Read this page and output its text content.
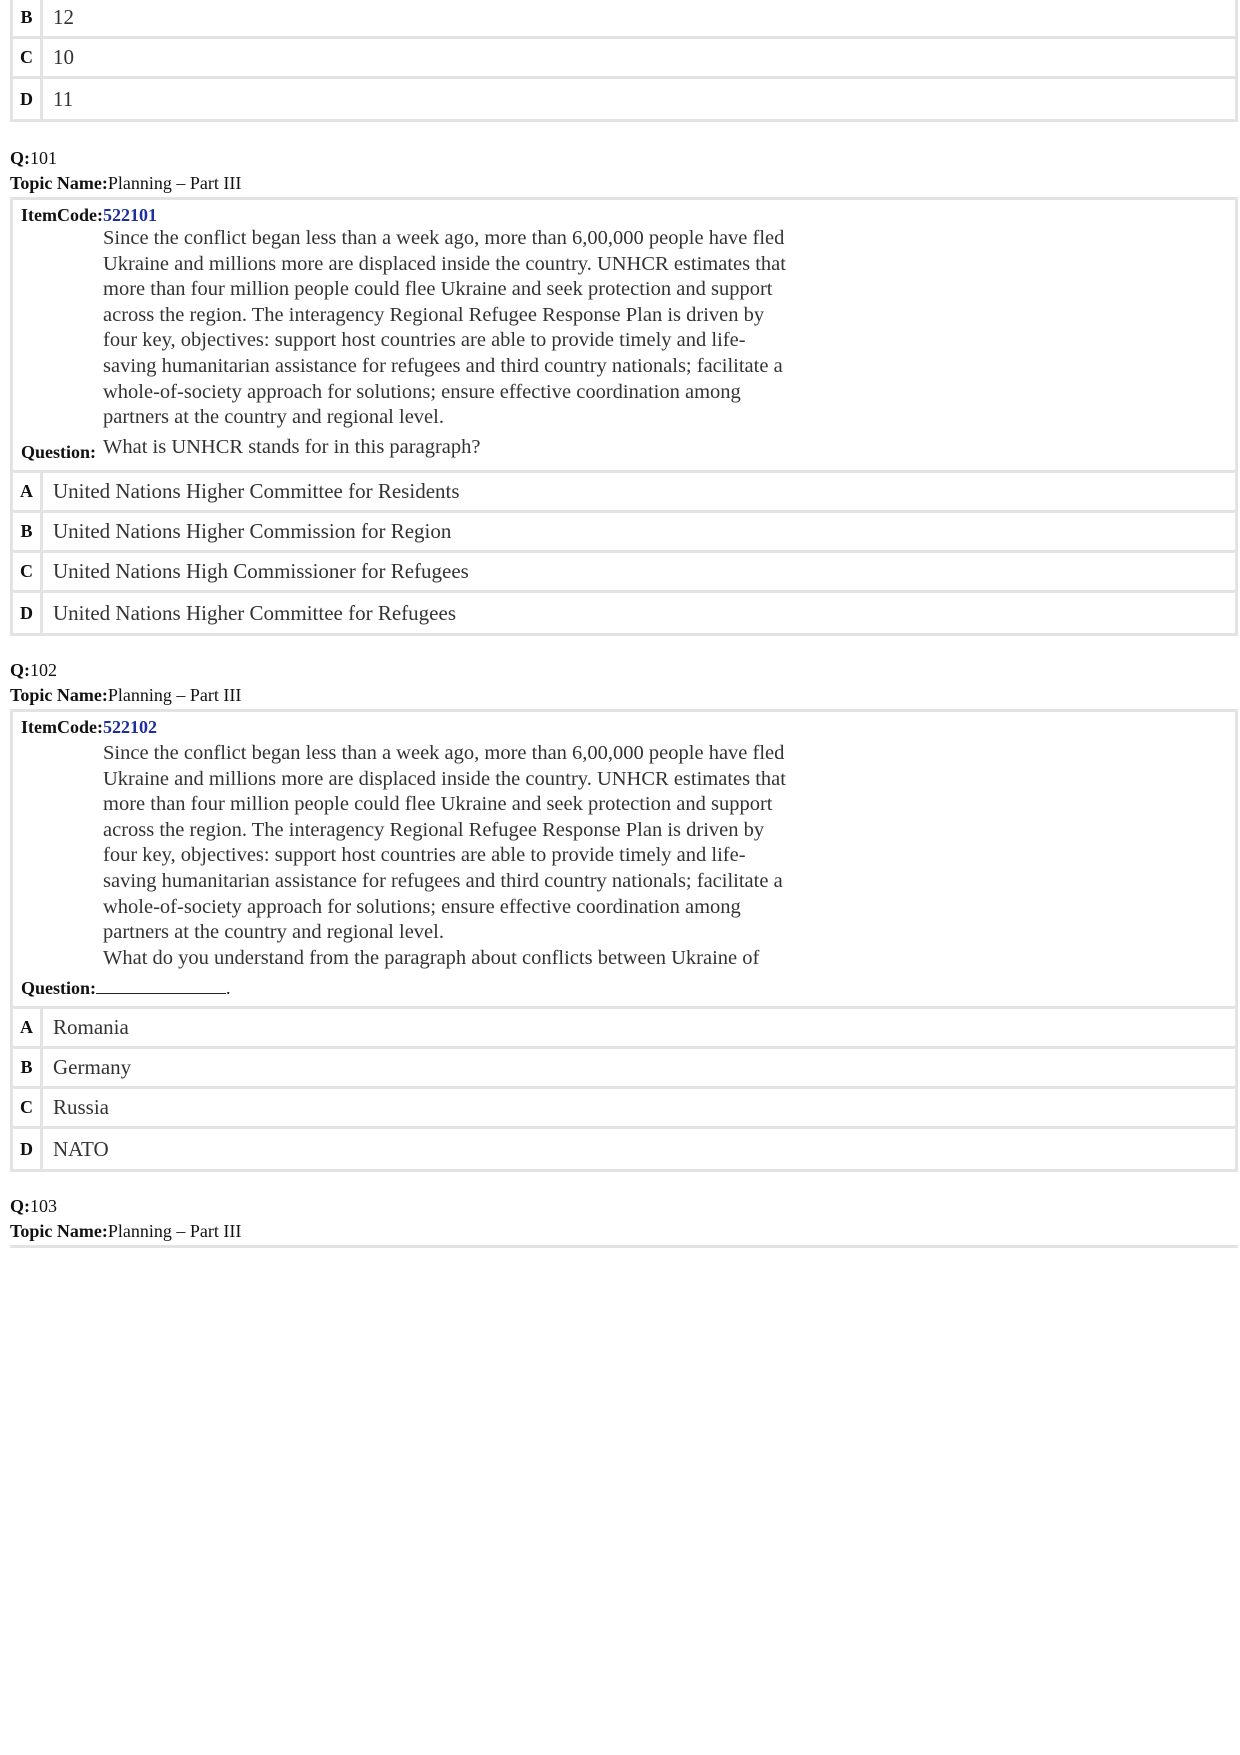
B 12
C 10
D 11
Q:101
Topic Name:Planning – Part III
ItemCode:522101
Since the conflict began less than a week ago, more than 6,00,000 people have fled
Ukraine and millions more are displaced inside the country. UNHCR estimates that
more than four million people could flee Ukraine and seek protection and support
across the region. The interagency Regional Refugee Response Plan is driven by
four key, objectives: support host countries are able to provide timely and life-
saving humanitarian assistance for refugees and third country nationals; facilitate a
whole-of-society approach for solutions; ensure effective coordination among
partners at the country and regional level.
Question: What is UNHCR stands for in this paragraph?
A United Nations Higher Committee for Residents
B United Nations Higher Commission for Region
C United Nations High Commissioner for Refugees
D United Nations Higher Committee for Refugees
Q:102
Topic Name:Planning – Part III
ItemCode:522102
Since the conflict began less than a week ago, more than 6,00,000 people have fled
Ukraine and millions more are displaced inside the country. UNHCR estimates that
more than four million people could flee Ukraine and seek protection and support
across the region. The interagency Regional Refugee Response Plan is driven by
four key, objectives: support host countries are able to provide timely and life-
saving humanitarian assistance for refugees and third country nationals; facilitate a
whole-of-society approach for solutions; ensure effective coordination among
partners at the country and regional level.
What do you understand from the paragraph about conflicts between Ukraine of
Question:	.
A Romania
B Germany
C Russia
D NATO
Q:103
Topic Name:Planning – Part III
